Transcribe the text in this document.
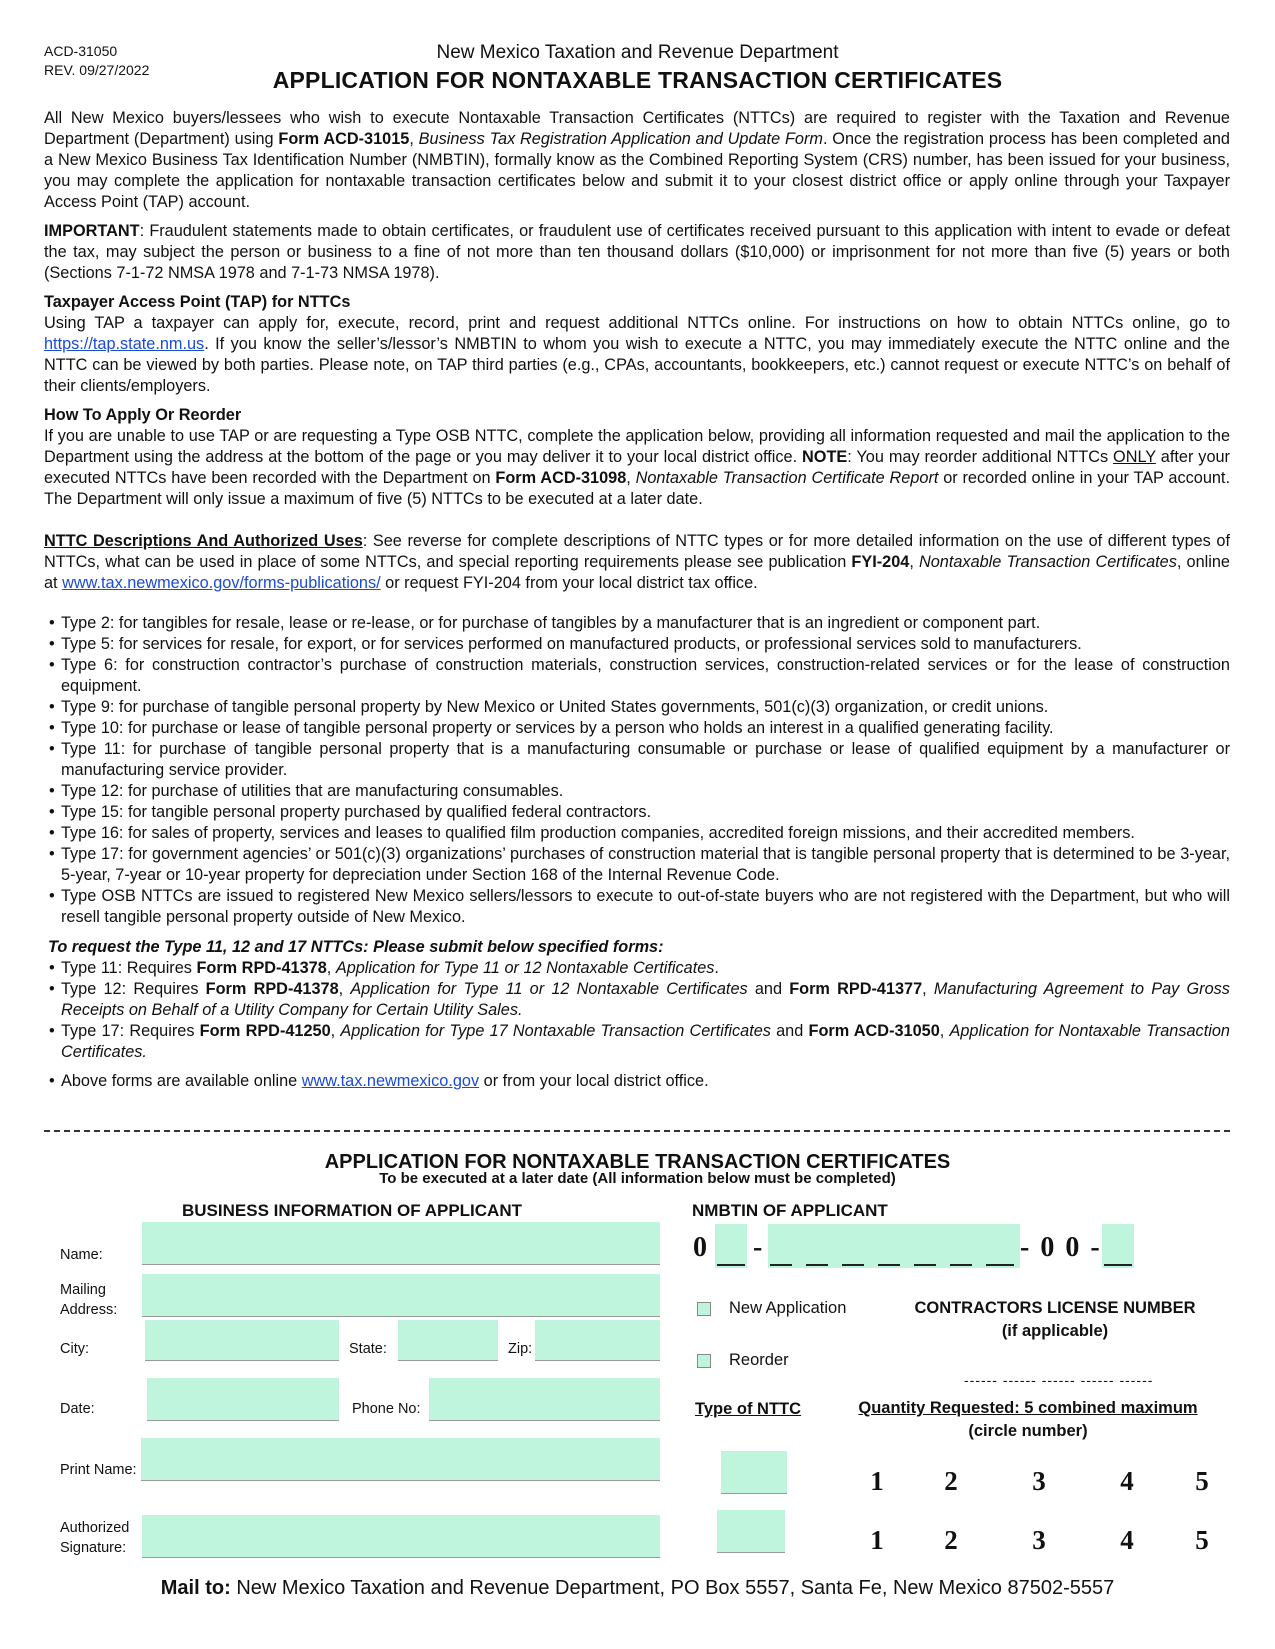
ACD-31050
REV. 09/27/2022
New Mexico Taxation and Revenue Department
APPLICATION FOR NONTAXABLE TRANSACTION CERTIFICATES

All New Mexico buyers/lessees who wish to execute Nontaxable Transaction Certificates (NTTCs) are required to register with the Taxation and Revenue Department (Department) using Form ACD-31015, Business Tax Registration Application and Update Form. Once the registration process has been completed and a New Mexico Business Tax Identification Number (NMBTIN), formally know as the Combined Reporting System (CRS) number, has been issued for your business, you may complete the application for nontaxable transaction certificates below and submit it to your closest district office or apply online through your Taxpayer Access Point (TAP) account.

IMPORTANT: Fraudulent statements made to obtain certificates, or fraudulent use of certificates received pursuant to this application with intent to evade or defeat the tax, may subject the person or business to a fine of not more than ten thousand dollars ($10,000) or imprisonment for not more than five (5) years or both (Sections 7-1-72 NMSA 1978 and 7-1-73 NMSA 1978).

Taxpayer Access Point (TAP) for NTTCs

Using TAP a taxpayer can apply for, execute, record, print and request additional NTTCs online. For instructions on how to obtain NTTCs online, go to https://tap.state.nm.us. If you know the seller’s/lessor’s NMBTIN to whom you wish to execute a NTTC, you may immediately execute the NTTC online and the NTTC can be viewed by both parties. Please note, on TAP third parties (e.g., CPAs, accountants, bookkeepers, etc.) cannot request or execute NTTC’s on behalf of their clients/employers.

How To Apply Or Reorder

If you are unable to use TAP or are requesting a Type OSB NTTC, complete the application below, providing all information requested and mail the application to the Department using the address at the bottom of the page or you may deliver it to your local district office. NOTE: You may reorder additional NTTCs ONLY after your executed NTTCs have been recorded with the Department on Form ACD-31098, Nontaxable Transaction Certificate Report or recorded online in your TAP account. The Department will only issue a maximum of five (5) NTTCs to be executed at a later date.

NTTC Descriptions And Authorized Uses: See reverse for complete descriptions of NTTC types or for more detailed information on the use of different types of NTTCs, what can be used in place of some NTTCs, and special reporting requirements please see publication FYI-204, Nontaxable Transaction Certificates, online at www.tax.newmexico.gov/forms-publications/ or request FYI-204 from your local district tax office.

• Type 2: for tangibles for resale, lease or re-lease, or for purchase of tangibles by a manufacturer that is an ingredient or component part.
• Type 5: for services for resale, for export, or for services performed on manufactured products, or professional services sold to manufacturers.
• Type 6: for construction contractor’s purchase of construction materials, construction services, construction-related services or for the lease of construction equipment.
• Type 9: for purchase of tangible personal property by New Mexico or United States governments, 501(c)(3) organization, or credit unions.
• Type 10: for purchase or lease of tangible personal property or services by a person who holds an interest in a qualified generating facility.
• Type 11: for purchase of tangible personal property that is a manufacturing consumable or purchase or lease of qualified equipment by a manufacturer or manufacturing service provider.
• Type 12: for purchase of utilities that are manufacturing consumables.
• Type 15: for tangible personal property purchased by qualified federal contractors.
• Type 16: for sales of property, services and leases to qualified film production companies, accredited foreign missions, and their accredited members.
• Type 17: for government agencies’ or 501(c)(3) organizations’ purchases of construction material that is tangible personal property that is determined to be 3-year, 5-year, 7-year or 10-year property for depreciation under Section 168 of the Internal Revenue Code.
• Type OSB NTTCs are issued to registered New Mexico sellers/lessors to execute to out-of-state buyers who are not registered with the Department, but who will resell tangible personal property outside of New Mexico.

To request the Type 11, 12 and 17 NTTCs: Please submit below specified forms:

• Type 11: Requires Form RPD-41378, Application for Type 11 or 12 Nontaxable Certificates.
• Type 12: Requires Form RPD-41378, Application for Type 11 or 12 Nontaxable Certificates and Form RPD-41377, Manufacturing Agreement to Pay Gross Receipts on Behalf of a Utility Company for Certain Utility Sales.
• Type 17: Requires Form RPD-41250, Application for Type 17 Nontaxable Transaction Certificates and Form ACD-31050, Application for Nontaxable Transaction Certificates.
• Above forms are available online www.tax.newmexico.gov or from your local district office.
APPLICATION FOR NONTAXABLE TRANSACTION CERTIFICATES
To be executed at a later date (All information below must be completed)
BUSINESS INFORMATION OF APPLICANT	NMBTIN OF APPLICANT
Name:
Mailing
Address:
City:	State:	Zip:
Date:	Phone No:
Print Name:
Authorized
Signature:
0 -	- 0 0 -
New Application
Reorder
CONTRACTORS LICENSE NUMBER
(if applicable)
------ ------ ------ ------ ------
Type of NTTC	Quantity Requested: 5 combined maximum
(circle number)
1	2	3	4	5
1	2	3	4	5
Mail to: New Mexico Taxation and Revenue Department, PO Box 5557, Santa Fe, New Mexico 87502-5557
